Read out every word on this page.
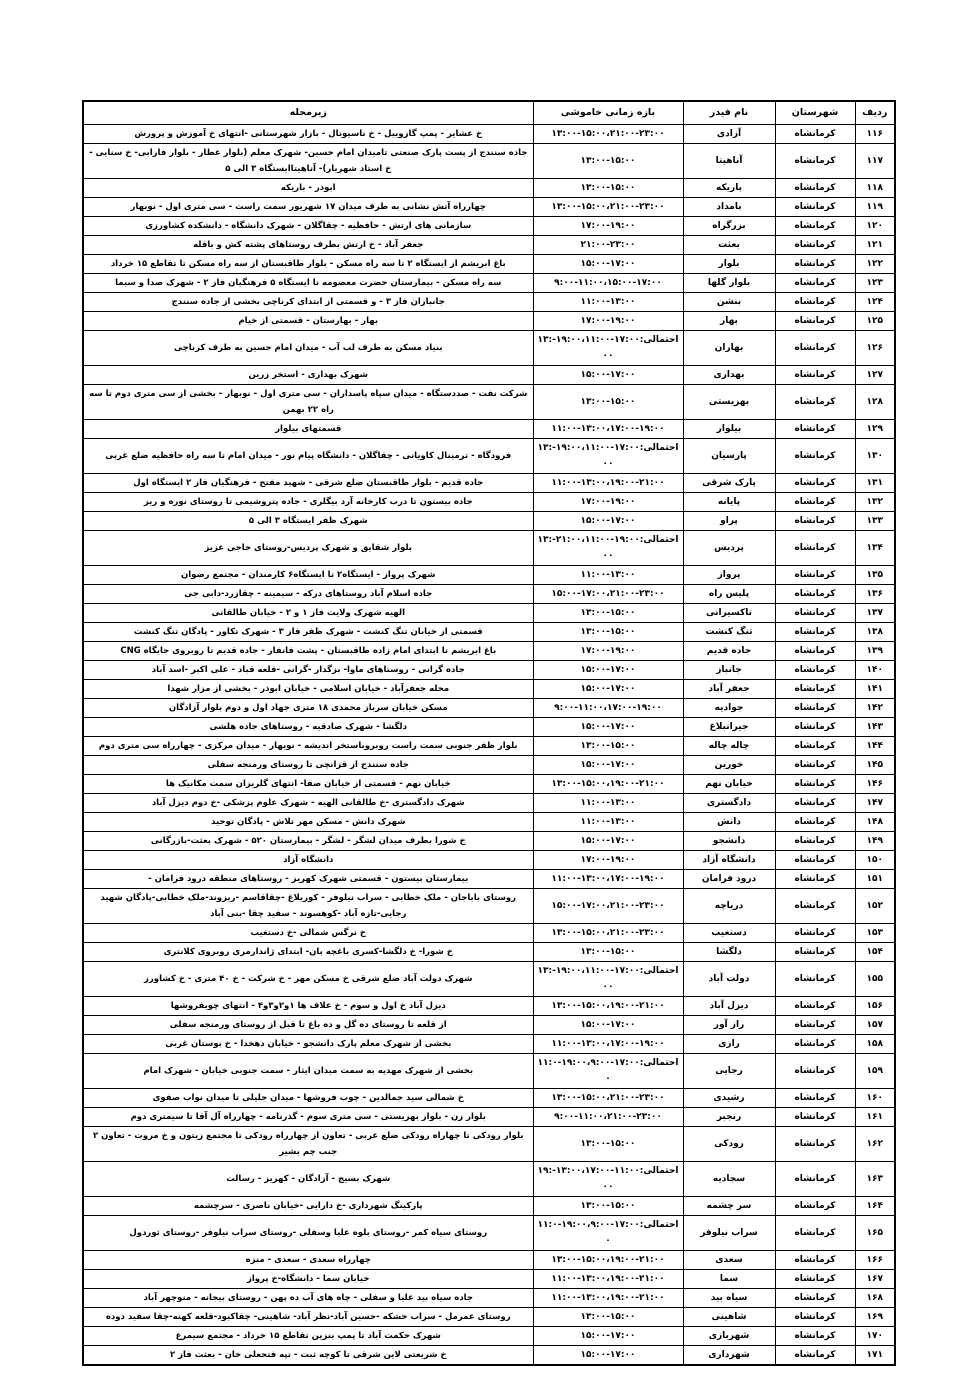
ردیف	شهرستان	نام فیدر	بازه زمانی خاموشی	زیرمحله
۱۱۶	کرمانشاه	آزادی	۱۳:۰۰-۱۵:۰۰،۲۱:۰۰-۲۳:۰۰	خ عشایر - پمپ گازوییل - خ ناسیونال - بازار شهرستانی -انتهای خ آموزش و پرورش
۱۱۷	کرمانشاه	آناهیتا	۱۳:۰۰-۱۵:۰۰	جاده سنندج از پست پارک صنعتی تامیدان امام حسین- شهرک معلم (بلوار عطار - بلوار فارابی- خ سنایی - خ استاد شهریار)- آناهیتاایستگاه ۳ الی ۵
۱۱۸	کرمانشاه	باریکه	۱۳:۰۰-۱۵:۰۰	ابوذر - باریکه
۱۱۹	کرمانشاه	بامداد	۱۳:۰۰-۱۵:۰۰،۲۱:۰۰-۲۳:۰۰	چهارراه آتش نشانی به طرف میدان ۱۷ شهریور سمت راست - سی متری اول - نوبهار
۱۲۰	کرمانشاه	بزرگراه	۱۷:۰۰-۱۹:۰۰	سازمانی های ارتش - حافظیه - چقاگلان - شهرک دانشگاه - دانشکده کشاورزی
۱۲۱	کرمانشاه	بعثت	۲۱:۰۰-۲۳:۰۰	جعفر آباد - خ ارتش بطرف روستاهای پشته کش و باقله
۱۲۲	کرمانشاه	بلوار	۱۵:۰۰-۱۷:۰۰	باغ ابریشم از ایستگاه ۲ تا سه راه مسکن - بلوار طاقبستان از سه راه مسکن تا تقاطع ۱۵ خرداد
۱۲۳	کرمانشاه	بلوار گلها	۹:۰۰-۱۱:۰۰،۱۵:۰۰-۱۷:۰۰	سه راه مسکن - بیمارستان حضرت معصومه تا ایستگاه ۵ فرهنگیان فاز ۲ - شهرک صدا و سیما
۱۲۴	کرمانشاه	بنشن	۱۱:۰۰-۱۳:۰۰	جانبازان فاز ۳ - و قسمتی از ابتدای کرناچی بخشی از جاده سنندج
۱۲۵	کرمانشاه	بهار	۱۷:۰۰-۱۹:۰۰	بهار - بهارستان - قسمتی از خیام
۱۲۶	کرمانشاه	بهاران	احتمالی:۱۷:۰۰-۱۹:۰۰،۱۱:۰۰-۱۳:۰۰	بنیاد مسکن به طرف لب آب - میدان امام حسین به طرف کرناچی
۱۲۷	کرمانشاه	بهداری	۱۵:۰۰-۱۷:۰۰	شهرک بهداری - استخر زرین
۱۲۸	کرمانشاه	بهزیستی	۱۳:۰۰-۱۵:۰۰	شرکت نفت - صددستگاه - میدان سپاه پاسداران - سی متری اول - نوبهار - بخشی از سی متری دوم تا سه راه ۲۲ بهمن
۱۲۹	کرمانشاه	بیلوار	۱۱:۰۰-۱۳:۰۰،۱۷:۰۰-۱۹:۰۰	قسمتهای بیلوار
۱۳۰	کرمانشاه	پارسیان	احتمالی:۱۷:۰۰-۱۹:۰۰،۱۱:۰۰-۱۳:۰۰	فرودگاه - ترمینال کاویانی - چقاگلان - دانشگاه پیام نور - میدان امام تا سه راه حافظیه ضلع غربی
۱۳۱	کرمانشاه	پارک شرقی	۱۱:۰۰-۱۳:۰۰،۱۹:۰۰-۲۱:۰۰	جاده قدیم - بلوار طاقبستان ضلع شرقی - شهید مفتح - فرهنگیان فاز ۲ ایستگاه اول
۱۳۲	کرمانشاه	پایانه	۱۷:۰۰-۱۹:۰۰	جاده بیستون تا درب کارخانه آرد بیگلری - جاده پتروشیمی تا روستای نوره و ریز
۱۳۳	کرمانشاه	پراو	۱۵:۰۰-۱۷:۰۰	شهرک ظفر ایستگاه ۳ الی ۵
۱۳۴	کرمانشاه	پردیس	احتمالی:۱۹:۰۰-۲۱:۰۰،۱۱:۰۰-۱۳:۰۰	بلوار شقایق و شهرک پردیس-روستای حاجی عزیز
۱۳۵	کرمانشاه	پرواز	۱۱:۰۰-۱۳:۰۰	شهرک پرواز - ایستگاه۲ تا ایستگاه۶ کارمندان - مجتمع رضوان
۱۳۶	کرمانشاه	پلیس راه	۱۵:۰۰-۱۷:۰۰،۲۱:۰۰-۲۳:۰۰	جاده اسلام آباد روستاهای درکه - سیمینه - چقازرد-دابی جی
۱۳۷	کرمانشاه	تاکسیرانی	۱۳:۰۰-۱۵:۰۰	الهیه شهرک ولایت فاز ۱ و ۲ - خیابان طالقانی
۱۳۸	کرمانشاه	تنگ کنشت	۱۳:۰۰-۱۵:۰۰	قسمتی از خیابان تنگ کنشت - شهرک ظفر فاز ۳ - شهرک تکاور - پادگان تنگ کنشت
۱۳۹	کرمانشاه	جاده قدیم	۱۷:۰۰-۱۹:۰۰	باغ ابریشم تا ابتدای امام زاده طاقبستان - پشت فانفار - جاده قدیم تا روبروی جایگاه CNG
۱۴۰	کرمانشاه	جانباز	۱۵:۰۰-۱۷:۰۰	جاده گرانی - روستاهای ماوا- بزگدار -گرانی -قلعه قباد - علی اکبر -اسد آباد
۱۴۱	کرمانشاه	جعفر آباد	۱۵:۰۰-۱۷:۰۰	محله جعفرآباد - خیابان اسلامی - خیابان ابوذر - بخشی از مزار شهدا
۱۴۲	کرمانشاه	جوادیه	۹:۰۰-۱۱:۰۰،۱۷:۰۰-۱۹:۰۰	مسکن خیابان سرباز محمدی ۱۸ متری جهاد اول و دوم بلوار آزادگان
۱۴۳	کرمانشاه	جیرانبلاغ	۱۵:۰۰-۱۷:۰۰	دلگشا - شهرک صادقیه - روستاهای جاده هلشی
۱۴۴	کرمانشاه	چاله چاله	۱۳:۰۰-۱۵:۰۰	بلوار ظفر جنوبی سمت راست روبروباستخر اندیشه - نوبهار - میدان مرکزی - چهارراه سی متری دوم
۱۴۵	کرمانشاه	خورین	۱۵:۰۰-۱۷:۰۰	جاده سنندج از قزانچی تا روستای ورمنجه سفلی
۱۴۶	کرمانشاه	خیابان نهم	۱۳:۰۰-۱۵:۰۰،۱۹:۰۰-۲۱:۰۰	خیابان نهم - قسمتی از خیابان صفا- انتهای گلریزان سمت مکانیک ها
۱۴۷	کرمانشاه	دادگستری	۱۱:۰۰-۱۳:۰۰	شهرک دادگستری -خ طالقانی الهیه - شهرک علوم پزشکی -خ دوم دیزل آباد
۱۴۸	کرمانشاه	دانش	۱۱:۰۰-۱۳:۰۰	شهرک دانش - مسکن مهر تلاش - پادگان توحید
۱۴۹	کرمانشاه	دانشجو	۱۵:۰۰-۱۷:۰۰	خ شورا بطرف میدان لشگر - لشگر - بیمارستان ۵۲۰ - شهرک بعثت-بازرگانی
۱۵۰	کرمانشاه	دانشگاه آزاد	۱۷:۰۰-۱۹:۰۰	دانشگاه آزاد
۱۵۱	کرمانشاه	درود فرامان	۱۱:۰۰-۱۳:۰۰،۱۷:۰۰-۱۹:۰۰	بیمارستان بیستون - قسمتی شهرک کهریز - روستاهای منطقه درود فرامان -
۱۵۲	کرمانشاه	دریاچه	۱۵:۰۰-۱۷:۰۰،۲۱:۰۰-۲۳:۰۰	روستای باباجان - ملک خطابی - سراب نیلوفر - کوریلاغ -چقاقاسم -ریزوند-ملک خطابی-پادگان شهید رجایی-تازه آباد -کوهسوند - سفید چقا -بنی آباد
۱۵۳	کرمانشاه	دستغیب	۱۳:۰۰-۱۵:۰۰،۲۱:۰۰-۲۳:۰۰	خ نرگس شمالی -خ دستغیب
۱۵۴	کرمانشاه	دلگشا	۱۳:۰۰-۱۵:۰۰	خ شورا- خ دلگشا-کسری باغچه بان- ابتدای ژاندارمری روبروی کلانتری
۱۵۵	کرمانشاه	دولت آباد	احتمالی:۱۷:۰۰-۱۹:۰۰،۱۱:۰۰-۱۳:۰۰	شهرک دولت آباد ضلع شرقی خ مسکن مهر - خ شرکت - خ ۴۰ متری - خ کشاورز
۱۵۶	کرمانشاه	دیزل آباد	۱۳:۰۰-۱۵:۰۰،۱۹:۰۰-۲۱:۰۰	دیزل آباد خ اول و سوم - خ علاف ها ۱و۲و۳و۴ - انتهای چوبفروشها
۱۵۷	کرمانشاه	راز آور	۱۵:۰۰-۱۷:۰۰	از قلعه تا روستای ده گل و ده باغ تا قبل از روستای ورمنجه سفلی
۱۵۸	کرمانشاه	رازی	۱۱:۰۰-۱۳:۰۰،۱۷:۰۰-۱۹:۰۰	بخشی از شهرک معلم پارک دانشجو - خیابان دهخدا - خ بوستان غربی
۱۵۹	کرمانشاه	رجایی	احتمالی:۱۷:۰۰-۱۹:۰۰،۹:۰۰-۱۱:۰۰	بخشی از شهرک مهدیه به سمت میدان ایثار - سمت جنوبی خیابان - شهرک امام
۱۶۰	کرمانشاه	رشیدی	۱۳:۰۰-۱۵:۰۰،۲۱:۰۰-۲۳:۰۰	خ شمالی سید جمالدین - چوب فروشها - میدان جلیلی تا میدان نواب صفوی
۱۶۱	کرمانشاه	رنجبر	۹:۰۰-۱۱:۰۰،۲۱:۰۰-۲۳:۰۰	بلوار زن - بلوار بهزیستی - سی متری سوم - گذرنامه - چهارراه آل آقا تا سیمتری دوم
۱۶۲	کرمانشاه	رودکی	۱۳:۰۰-۱۵:۰۰	بلوار رودکی تا چهاراه رودکی ضلع غربی - تعاون از چهارراه رودکی تا مجتمع زیتون و خ مروت - تعاون ۲ جنب چم بشیر
۱۶۳	کرمانشاه	سجادیه	احتمالی:۱۱:۰۰-۱۳:۰۰،۱۷:۰۰-۱۹:۰۰	شهرک بسیج - آزادگان - کهریز - رسالت
۱۶۴	کرمانشاه	سر چشمه	۱۳:۰۰-۱۵:۰۰	پارکینگ شهرداری -خ دارایی -خیابان ناصری - سرچشمه
۱۶۵	کرمانشاه	سراب نیلوفر	احتمالی:۱۷:۰۰-۱۹:۰۰،۹:۰۰-۱۱:۰۰	روستای سیاه کمر -روستای بلوه علیا وسفلی -روستای سراب نیلوفر -روستای ثوردول
۱۶۶	کرمانشاه	سعدی	۱۳:۰۰-۱۵:۰۰،۱۹:۰۰-۲۱:۰۰	چهارراه سعدی - سعدی - منزه
۱۶۷	کرمانشاه	سما	۱۱:۰۰-۱۳:۰۰،۱۹:۰۰-۲۱:۰۰	خیابان سما - دانشگاه-خ پرواز
۱۶۸	کرمانشاه	سیاه بید	۱۱:۰۰-۱۳:۰۰،۱۹:۰۰-۲۱:۰۰	جاده سیاه بید علیا و سفلی - چاه های آب ده پهن - روستای بیجانه - منوچهر آباد
۱۶۹	کرمانشاه	شاهینی	۱۳:۰۰-۱۵:۰۰	روستای عمرمل - سراب خشکه -حسین آباد-نظر آباد- شاهینی- چقاکبود-قلعه کهنه-چقا سفید دوده
۱۷۰	کرمانشاه	شهربازی	۱۵:۰۰-۱۷:۰۰	شهرک حکمت آباد تا پمپ بنزین تقاطع ۱۵ خرداد - مجتمع سیمرغ
۱۷۱	کرمانشاه	شهرداری	۱۵:۰۰-۱۷:۰۰	خ شریعتی لاین شرقی تا کوچه ثبت - تپه فتحعلی خان - بعثت فاز ۲
